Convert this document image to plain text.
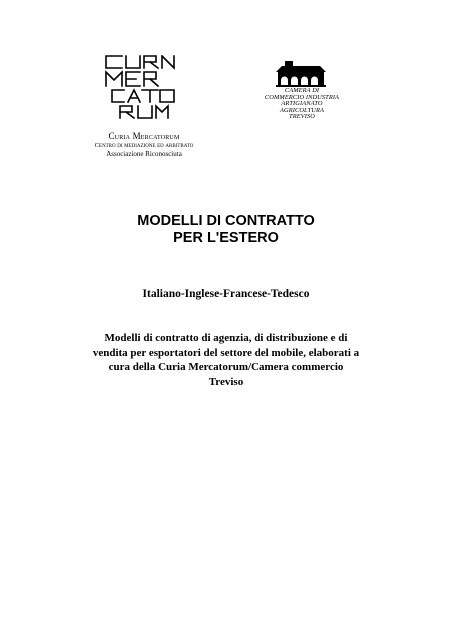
Curia Mercatorum
Centro di mediazione ed arbitrato
Associazione Riconosciuta
CAMERA DI
COMMERCIO INDUSTRIA
ARTIGIANATO
AGRICOLTURA
TREVISO
MODELLI DI CONTRATTO
PER L'ESTERO
Italiano-Inglese-Francese-Tedesco
Modelli di contratto di agenzia, di distribuzione e di
vendita per esportatori del settore del mobile, elaborati a
cura della Curia Mercatorum/Camera commercio
Treviso
